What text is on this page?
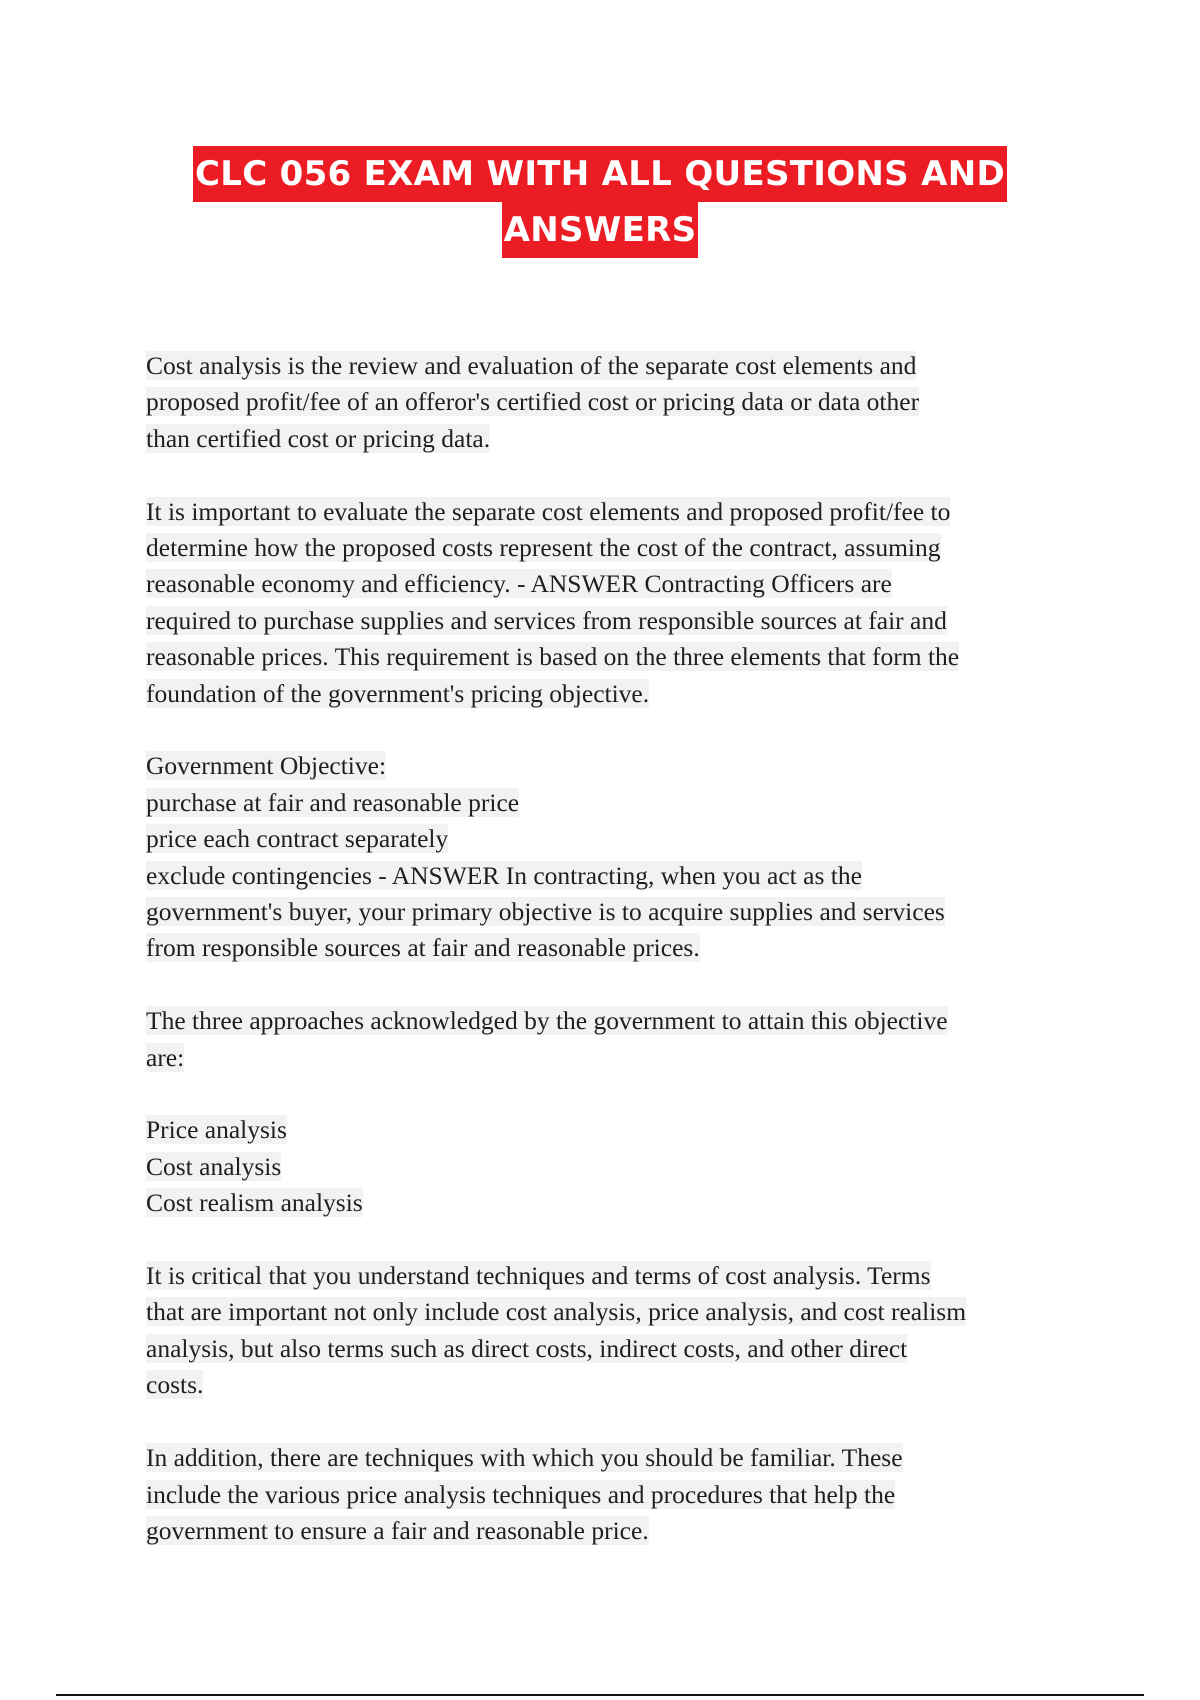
CLC 056 EXAM WITH ALL QUESTIONS AND
ANSWERS
Cost analysis is the review and evaluation of the separate cost elements and
proposed profit/fee of an offeror's certified cost or pricing data or data other
than certified cost or pricing data.
It is important to evaluate the separate cost elements and proposed profit/fee to
determine how the proposed costs represent the cost of the contract, assuming
reasonable economy and efficiency. - ANSWER Contracting Officers are
required to purchase supplies and services from responsible sources at fair and
reasonable prices. This requirement is based on the three elements that form the
foundation of the government's pricing objective.
Government Objective:
purchase at fair and reasonable price
price each contract separately
exclude contingencies - ANSWER In contracting, when you act as the
government's buyer, your primary objective is to acquire supplies and services
from responsible sources at fair and reasonable prices.
The three approaches acknowledged by the government to attain this objective
are:
Price analysis
Cost analysis
Cost realism analysis
It is critical that you understand techniques and terms of cost analysis. Terms
that are important not only include cost analysis, price analysis, and cost realism
analysis, but also terms such as direct costs, indirect costs, and other direct
costs.
In addition, there are techniques with which you should be familiar. These
include the various price analysis techniques and procedures that help the
government to ensure a fair and reasonable price.
